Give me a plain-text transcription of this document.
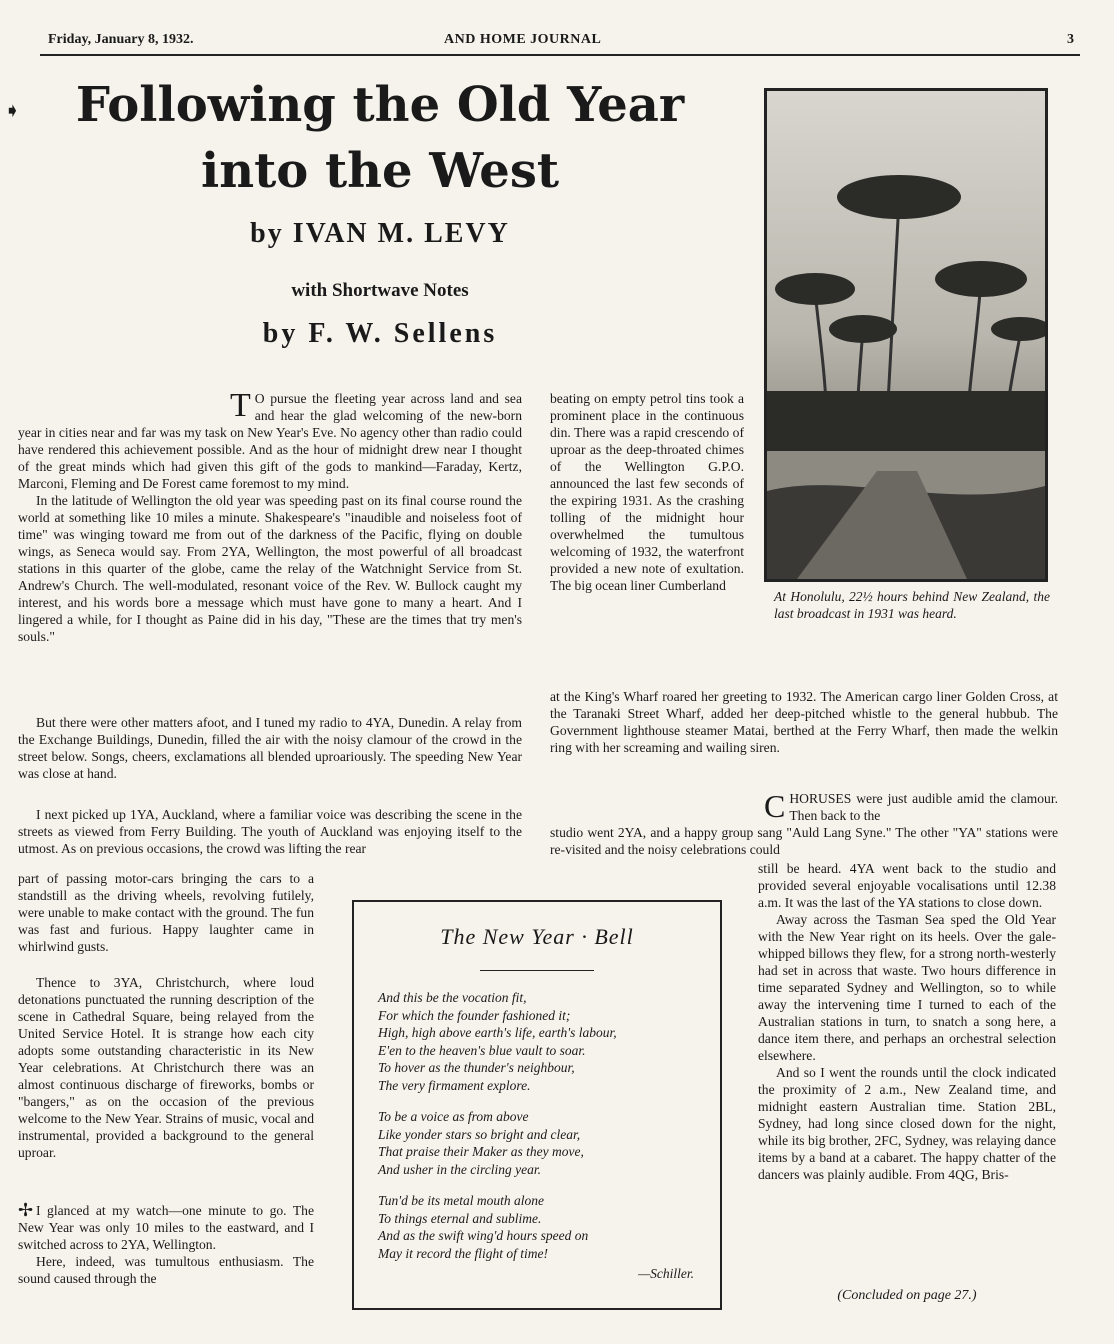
Friday, January 8, 1932.	AND HOME JOURNAL	3
➧	Following the Old Year
into the West
by IVAN M. LEVY
with Shortwave Notes
by F. W. Sellens

T O pursue the fleeting year across land and sea and hear the glad welcoming of the new-born year in cities near and far was my task on New Year's Eve. No agency other than radio could have rendered this achievement possible. And as the hour of midnight drew near I thought of the great minds which had given this gift of the gods to mankind—Faraday, Kertz, Marconi, Fleming and De Forest came foremost to my mind.

In the latitude of Wellington the old year was speeding past on its final course round the world at something like 10 miles a minute. Shakespeare's "inaudible and noiseless foot of time" was winging toward me from out of the darkness of the Pacific, flying on double wings, as Seneca would say. From 2YA, Wellington, the most powerful of all broadcast stations in this quarter of the globe, came the relay of the Watchnight Service from St. Andrew's Church. The well-modulated, resonant voice of the Rev. W. Bullock caught my interest, and his words bore a message which must have gone to many a heart. And I lingered a while, for I thought as Paine did in his day, "These are the times that try men's souls."

But there were other matters afoot, and I tuned my radio to 4YA, Dunedin. A relay from the Exchange Buildings, Dunedin, filled the air with the noisy clamour of the crowd in the street below. Songs, cheers, exclamations all blended uproariously. The speeding New Year was close at hand.

I next picked up 1YA, Auckland, where a familiar voice was describing the scene in the streets as viewed from Ferry Building. The youth of Auckland was enjoying itself to the utmost. As on previous occasions, the crowd was lifting the rear

part of passing motor-cars bringing the cars to a standstill as the driving wheels, revolving futilely, were unable to make contact with the ground. The fun was fast and furious. Happy laughter came in whirlwind gusts.

Thence to 3YA, Christchurch, where loud detonations punctuated the running description of the scene in Cathedral Square, being relayed from the United Service Hotel. It is strange how each city adopts some outstanding characteristic in its New Year celebrations. At Christchurch there was an almost continuous discharge of fireworks, bombs or "bangers," as on the occasion of the previous welcome to the New Year. Strains of music, vocal and instrumental, provided a background to the general uproar.

✢ I glanced at my watch—one minute to go. The New Year was only 10 miles to the eastward, and I switched across to 2YA, Wellington.

Here, indeed, was tumultous enthusiasm. The sound caused through the

beating on empty petrol tins took a prominent place in the continuous din. There was a rapid crescendo of uproar as the deep-throated chimes of the Wellington G.P.O. announced the last few seconds of the expiring 1931. As the crashing tolling of the midnight hour overwhelmed the tumultous welcoming of 1932, the waterfront provided a new note of exultation. The big ocean liner Cumberland

at the King's Wharf roared her greeting to 1932. The American cargo liner Golden Cross, at the Taranaki Street Wharf, added her deep-pitched whistle to the general hubbub. The Government lighthouse steamer Matai, berthed at the Ferry Wharf, then made the welkin ring with her screaming and wailing siren.

At Honolulu, 22½ hours behind New Zealand, the last broadcast in 1931 was heard.

CHORUSES were just audible amid the clamour. Then back to the

studio went 2YA, and a happy group sang "Auld Lang Syne." The other "YA" stations were re-visited and the noisy celebrations could

still be heard. 4YA went back to the studio and provided several enjoyable vocalisations until 12.38 a.m. It was the last of the YA stations to close down.

Away across the Tasman Sea sped the Old Year with the New Year right on its heels. Over the gale-whipped billows they flew, for a strong north-westerly had set in across that waste. Two hours difference in time separated Sydney and Wellington, so to while away the intervening time I turned to each of the Australian stations in turn, to snatch a song here, a dance item there, and perhaps an orchestral selection elsewhere.

And so I went the rounds until the clock indicated the proximity of 2 a.m., New Zealand time, and midnight eastern Australian time. Station 2BL, Sydney, had long since closed down for the night, while its big brother, 2FC, Sydney, was relaying dance items by a band at a cabaret. The happy chatter of the dancers was plainly audible. From 4QG, Bris-

(Concluded on page 27.)
The New Year · Bell
And this be the vocation fit,
For which the founder fashioned it;
High, high above earth's life, earth's labour,
E'en to the heaven's blue vault to soar.
To hover as the thunder's neighbour,
The very firmament explore.
To be a voice as from above
Like yonder stars so bright and clear,
That praise their Maker as they move,
And usher in the circling year.
Tun'd be its metal mouth alone
To things eternal and sublime.
And as the swift wing'd hours speed on
May it record the flight of time!
—Schiller.
